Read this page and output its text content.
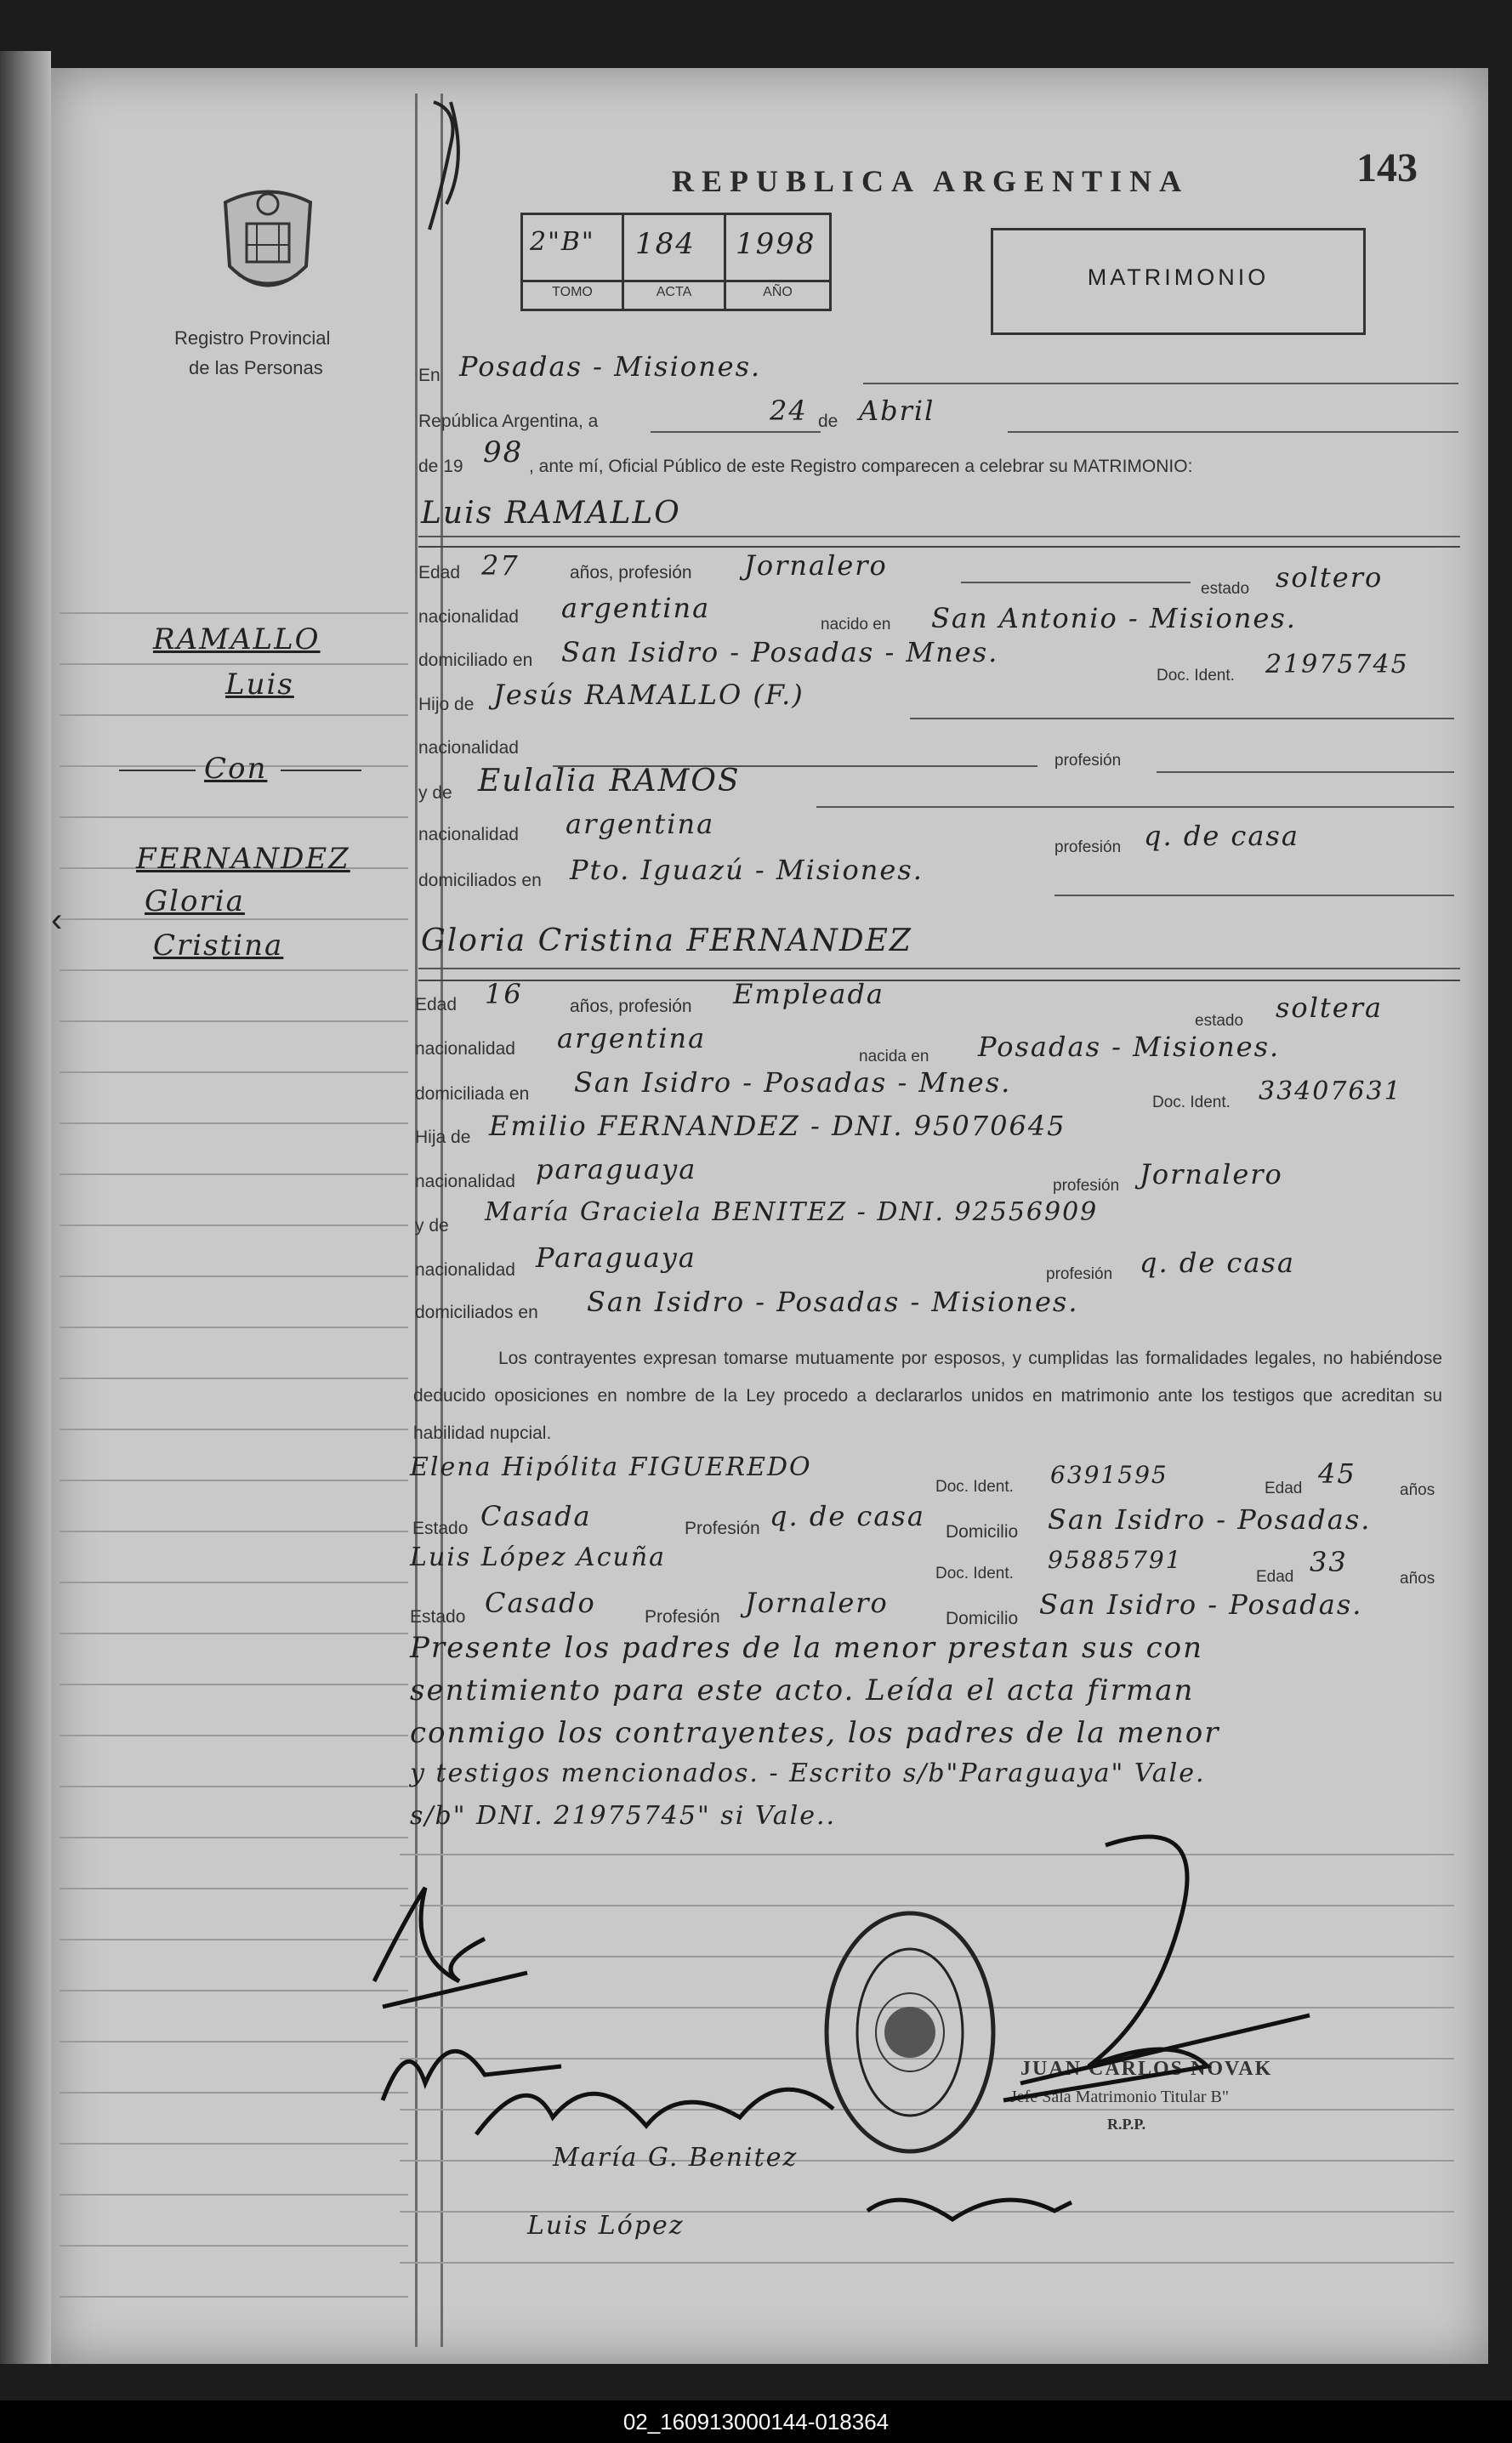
Registro Provincial
de las Personas
REPUBLICA ARGENTINA	143
2"B" 184 1998
TOMO	ACTA	AÑO
MATRIMONIO
RAMALLO
Luis
Con
FERNANDEZ
Gloria
Cristina
En Posadas - Misiones.
República Argentina, a	24 de Abril
de 19 98 , ante mí, Oficial Público de este Registro comparecen a celebrar su MATRIMONIO:
Luis RAMALLO
Edad 27	años, profesión Jornalero
estado soltero
nacionalidad argentina
nacido en San Antonio - Misiones.
domiciliado en San Isidro - Posadas - Mnes.
Doc. Ident. 21975745
Hijo de Jesús RAMALLO (F.)
nacionalidad
profesión
y de Eulalia RAMOS
nacionalidad argentina
profesión q. de casa
domiciliados en Pto. Iguazú - Misiones.
Gloria Cristina FERNANDEZ
Edad 16	años, profesión Empleada
estado soltera
nacionalidad argentina
nacida en Posadas - Misiones.
domiciliada en San Isidro - Posadas - Mnes.
Doc. Ident. 33407631
Hija de Emilio FERNANDEZ - DNI. 95070645
nacionalidad paraguaya
profesión Jornalero
y de María Graciela BENITEZ - DNI. 92556909
nacionalidad Paraguaya
profesión q. de casa
domiciliados en San Isidro - Posadas - Misiones.
Los contrayentes expresan tomarse mutuamente por esposos, y cumplidas las formalidades legales, no habiéndose deducido oposiciones en nombre de la Ley procedo a declararlos unidos en matrimonio ante los testigos que acreditan su habilidad nupcial.
Elena Hipólita FIGUEREDO
Doc. Ident. 6391595	Edad 45
años
Estado Casada	Profesión q. de casa Domicilio San Isidro - Posadas.
Luis López Acuña
Doc. Ident. 95885791
Edad 33
años
Estado Casado	Profesión Jornalero	Domicilio San Isidro - Posadas.
Presente los padres de la menor prestan sus con
sentimiento para este acto. Leída el acta firman
conmigo los contrayentes, los padres de la menor
y testigos mencionados. - Escrito s/b"Paraguaya" Vale.
s/b" DNI. 21975745" si Vale..
JUAN CARLOS NOVAK
Jefe Sala Matrimonio Titular B"
R.P.P.
María G. Benitez
Luis López
‹
02_160913000144-018364
